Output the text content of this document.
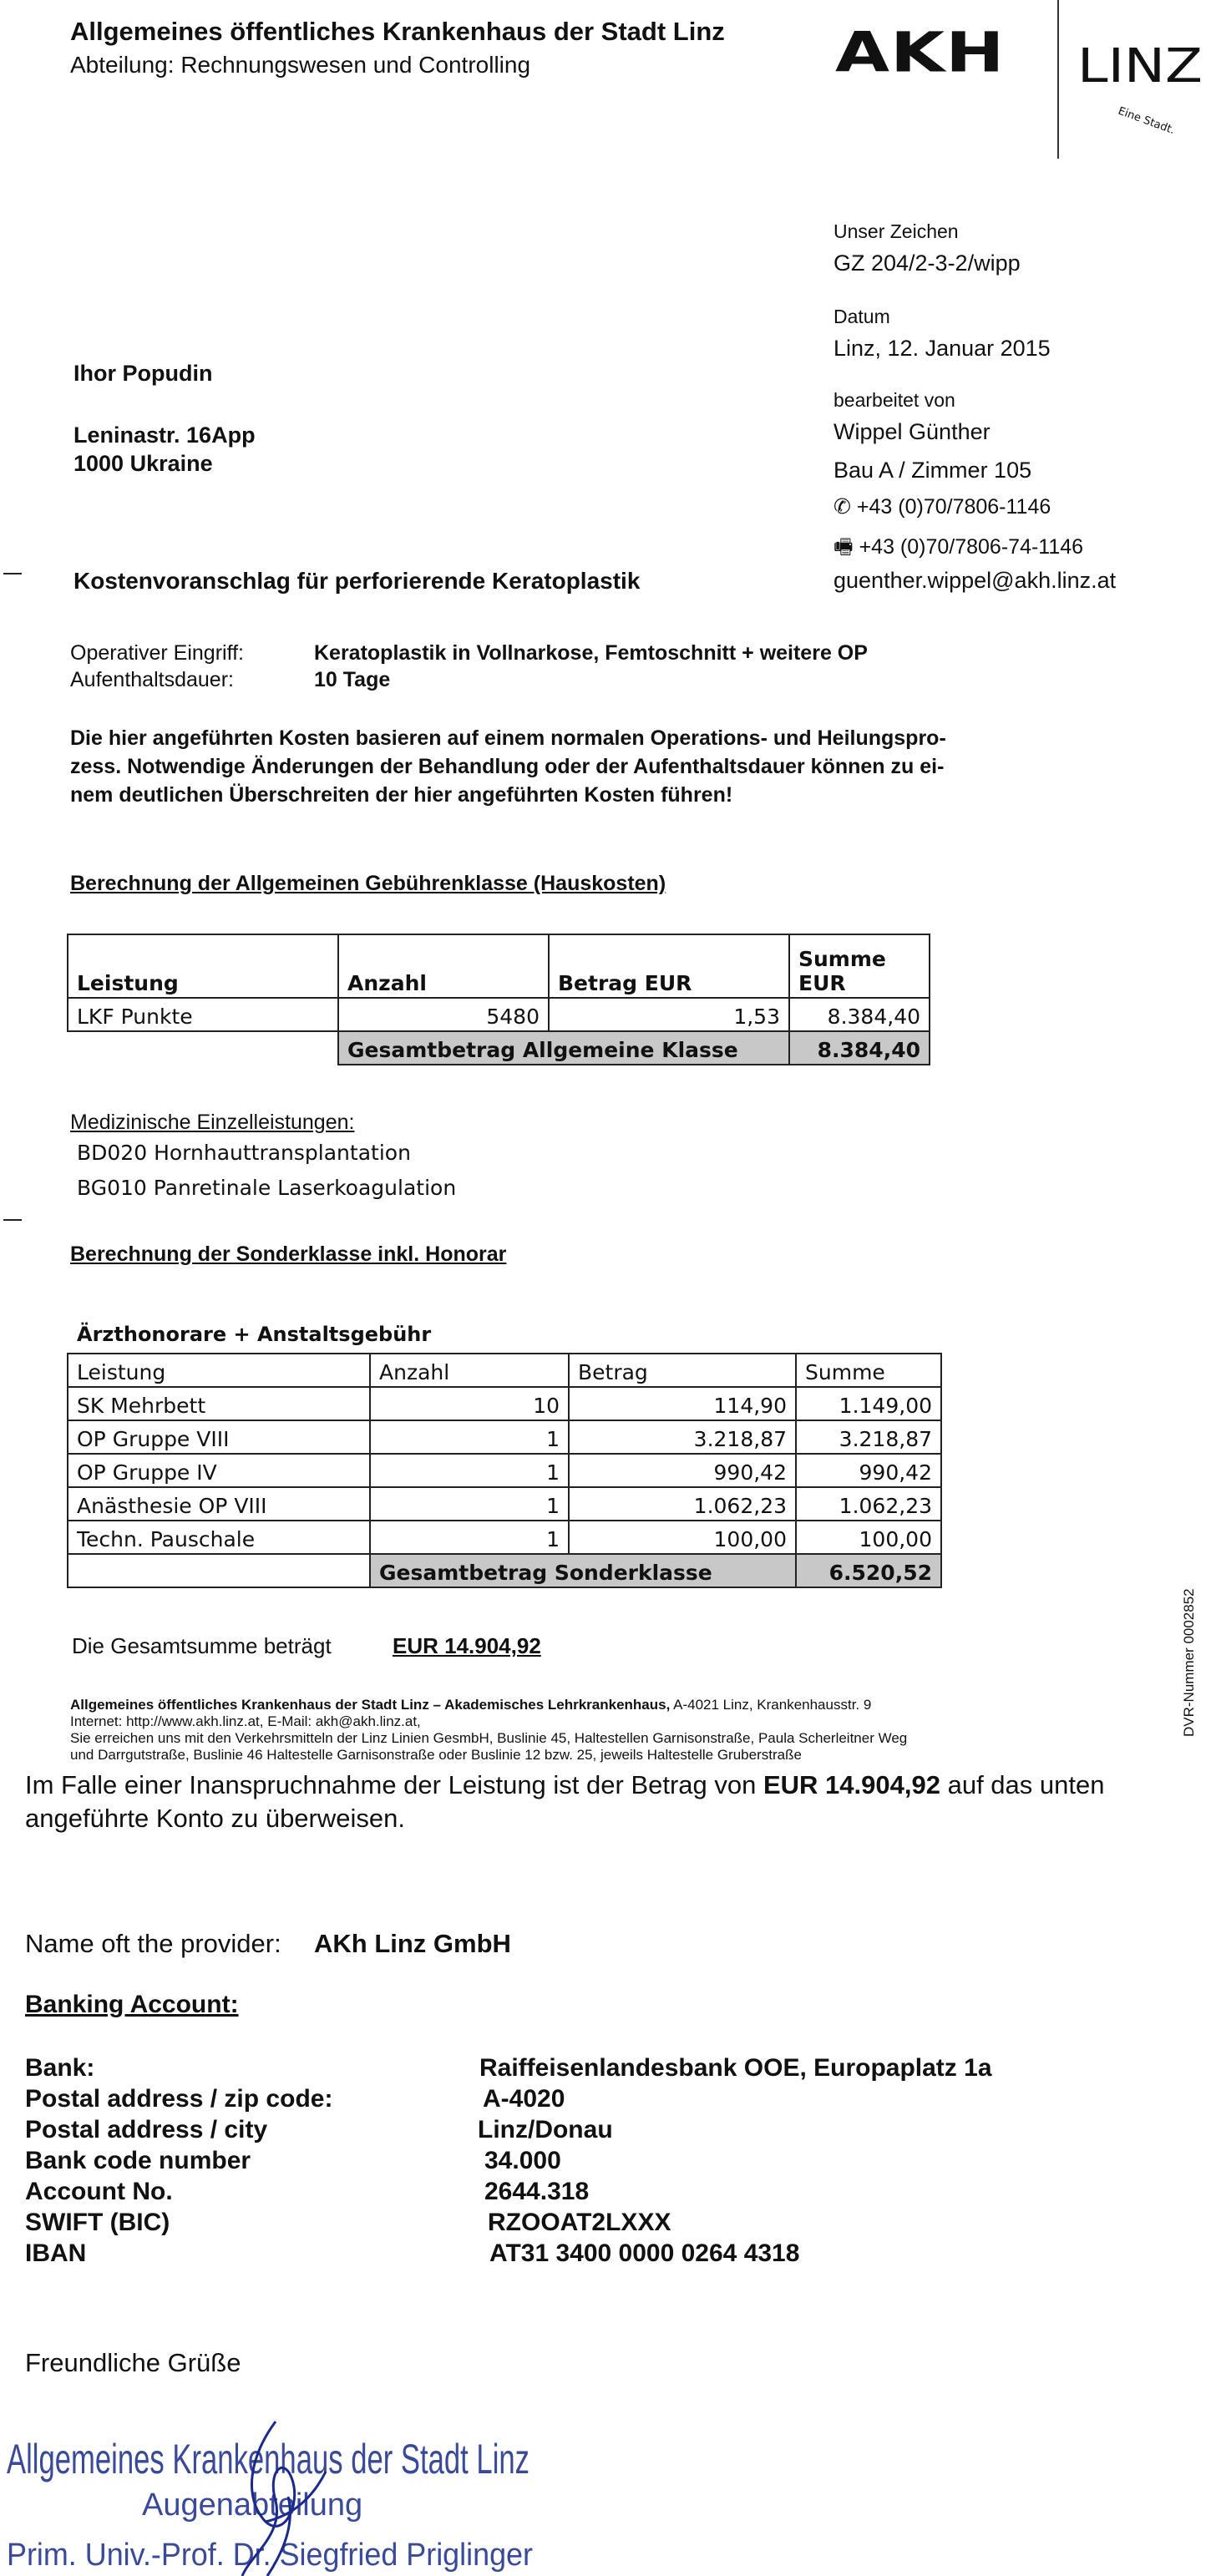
Allgemeines öffentliches Krankenhaus der Stadt Linz
Abteilung: Rechnungswesen und Controlling	AKH LINZ
Eine Stadt.
Unser Zeichen
GZ 204/2-3-2/wipp
Datum
Linz, 12. Januar 2015
bearbeitet von
Wippel Günther
Bau A / Zimmer 105
✆ +43 (0)70/7806-1146
🖷 +43 (0)70/7806-74-1146
guenther.wippel@akh.linz.at
Ihor Popudin
Leninastr. 16App
1000 Ukraine
Kostenvoranschlag für perforierende Keratoplastik
Operativer Eingriff:	Keratoplastik in Vollnarkose, Femtoschnitt + weitere OP
Aufenthaltsdauer:	10 Tage
Die hier angeführten Kosten basieren auf einem normalen Operations- und Heilungspro-
zess. Notwendige Änderungen der Behandlung oder der Aufenthaltsdauer können zu ei-
nem deutlichen Überschreiten der hier angeführten Kosten führen!
Berechnung der Allgemeinen Gebührenklasse (Hauskosten)
Leistung	Anzahl	Betrag EUR	Summe
EUR
LKF Punkte	5480	1,53	8.384,40
	Gesamtbetrag Allgemeine Klasse		8.384,40
Medizinische Einzelleistungen:
BD020 Hornhauttransplantation
BG010 Panretinale Laserkoagulation
Berechnung der Sonderklasse inkl. Honorar
Ärzthonorare + Anstaltsgebühr
Leistung	Anzahl	Betrag	Summe
SK Mehrbett	10	114,90	1.149,00
OP Gruppe VIII	1	3.218,87	3.218,87
OP Gruppe IV	1	990,42	990,42
Anästhesie OP VIII	1	1.062,23	1.062,23
Techn. Pauschale	1	100,00	100,00
	Gesamtbetrag Sonderklasse		6.520,52
Die Gesamtsumme beträgt	EUR 14.904,92	DVR-Nummer 0002852
Allgemeines öffentliches Krankenhaus der Stadt Linz – Akademisches Lehrkrankenhaus, A-4021 Linz, Krankenhausstr. 9
Internet: http://www.akh.linz.at, E-Mail: akh@akh.linz.at,
Sie erreichen uns mit den Verkehrsmitteln der Linz Linien GesmbH, Buslinie 45, Haltestellen Garnisonstraße, Paula Scherleitner Weg
und Darrgutstraße, Buslinie 46 Haltestelle Garnisonstraße oder Buslinie 12 bzw. 25, jeweils Haltestelle Gruberstraße
Im Falle einer Inanspruchnahme der Leistung ist der Betrag von EUR 14.904,92 auf das unten
angeführte Konto zu überweisen.
Name oft the provider: AKh Linz GmbH
Banking Account:
Bank:	Raiffeisenlandesbank OOE, Europaplatz 1a
Postal address / zip code:	A-4020
Postal address / city	Linz/Donau
Bank code number	34.000
Account No.	2644.318
SWIFT (BIC)	RZOOAT2LXXX
IBAN	AT31 3400 0000 0264 4318
Freundliche Grüße
Allgemeines Krankenhaus der Stadt Linz
Augenabteilung
Prim. Univ.-Prof. Dr. Siegfried Priglinger
